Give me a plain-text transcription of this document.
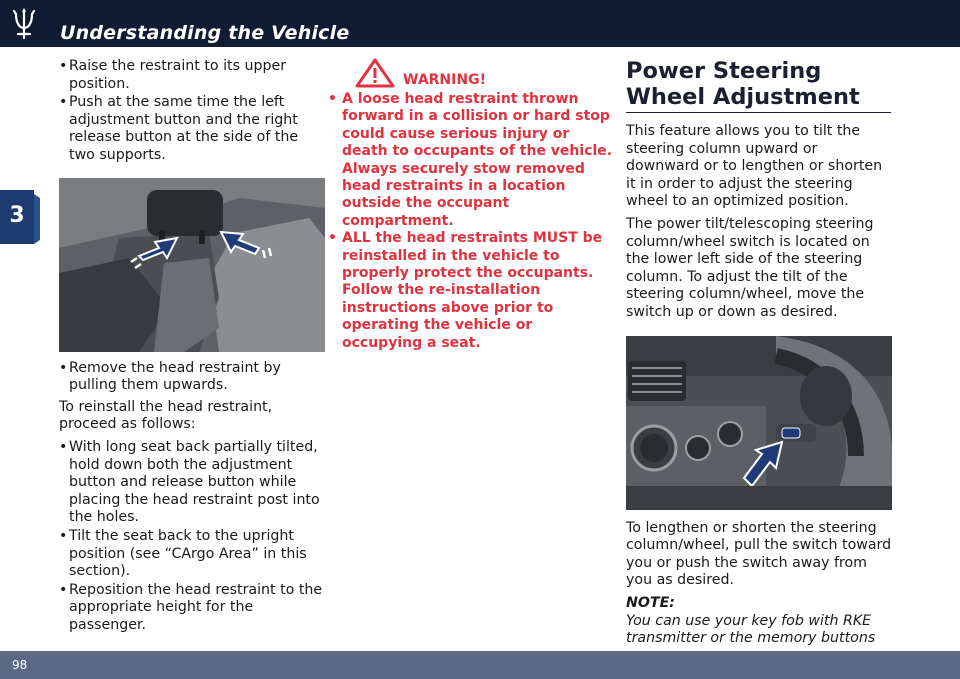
Understanding the Vehicle
3
• Raise the restraint to its upper position.
• Push at the same time the left adjustment button and the right release button at the side of the two supports.
• Remove the head restraint by pulling them upwards.

To reinstall the head restraint, proceed as follows:

• With long seat back partially tilted, hold down both the adjustment button and release button while placing the head restraint post into the holes.
• Tilt the seat back to the upright position (see “CArgo Area” in this section).
• Reposition the head restraint to the appropriate height for the passenger.
WARNING!
• A loose head restraint thrown forward in a collision or hard stop could cause serious injury or death to occupants of the vehicle. Always securely stow removed head restraints in a location outside the occupant compartment.
• ALL the head restraints MUST be reinstalled in the vehicle to properly protect the occupants. Follow the re-installation instructions above prior to operating the vehicle or occupying a seat.
Power Steering Wheel Adjustment

This feature allows you to tilt the steering column upward or downward or to lengthen or shorten it in order to adjust the steering wheel to an optimized position.

The power tilt/telescoping steering column/wheel switch is located on the lower left side of the steering column. To adjust the tilt of the steering column/wheel, move the switch up or down as desired.

To lengthen or shorten the steering column/wheel, pull the switch toward you or push the switch away from you as desired.

NOTE:

You can use your key fob with RKE transmitter or the memory buttons

98
